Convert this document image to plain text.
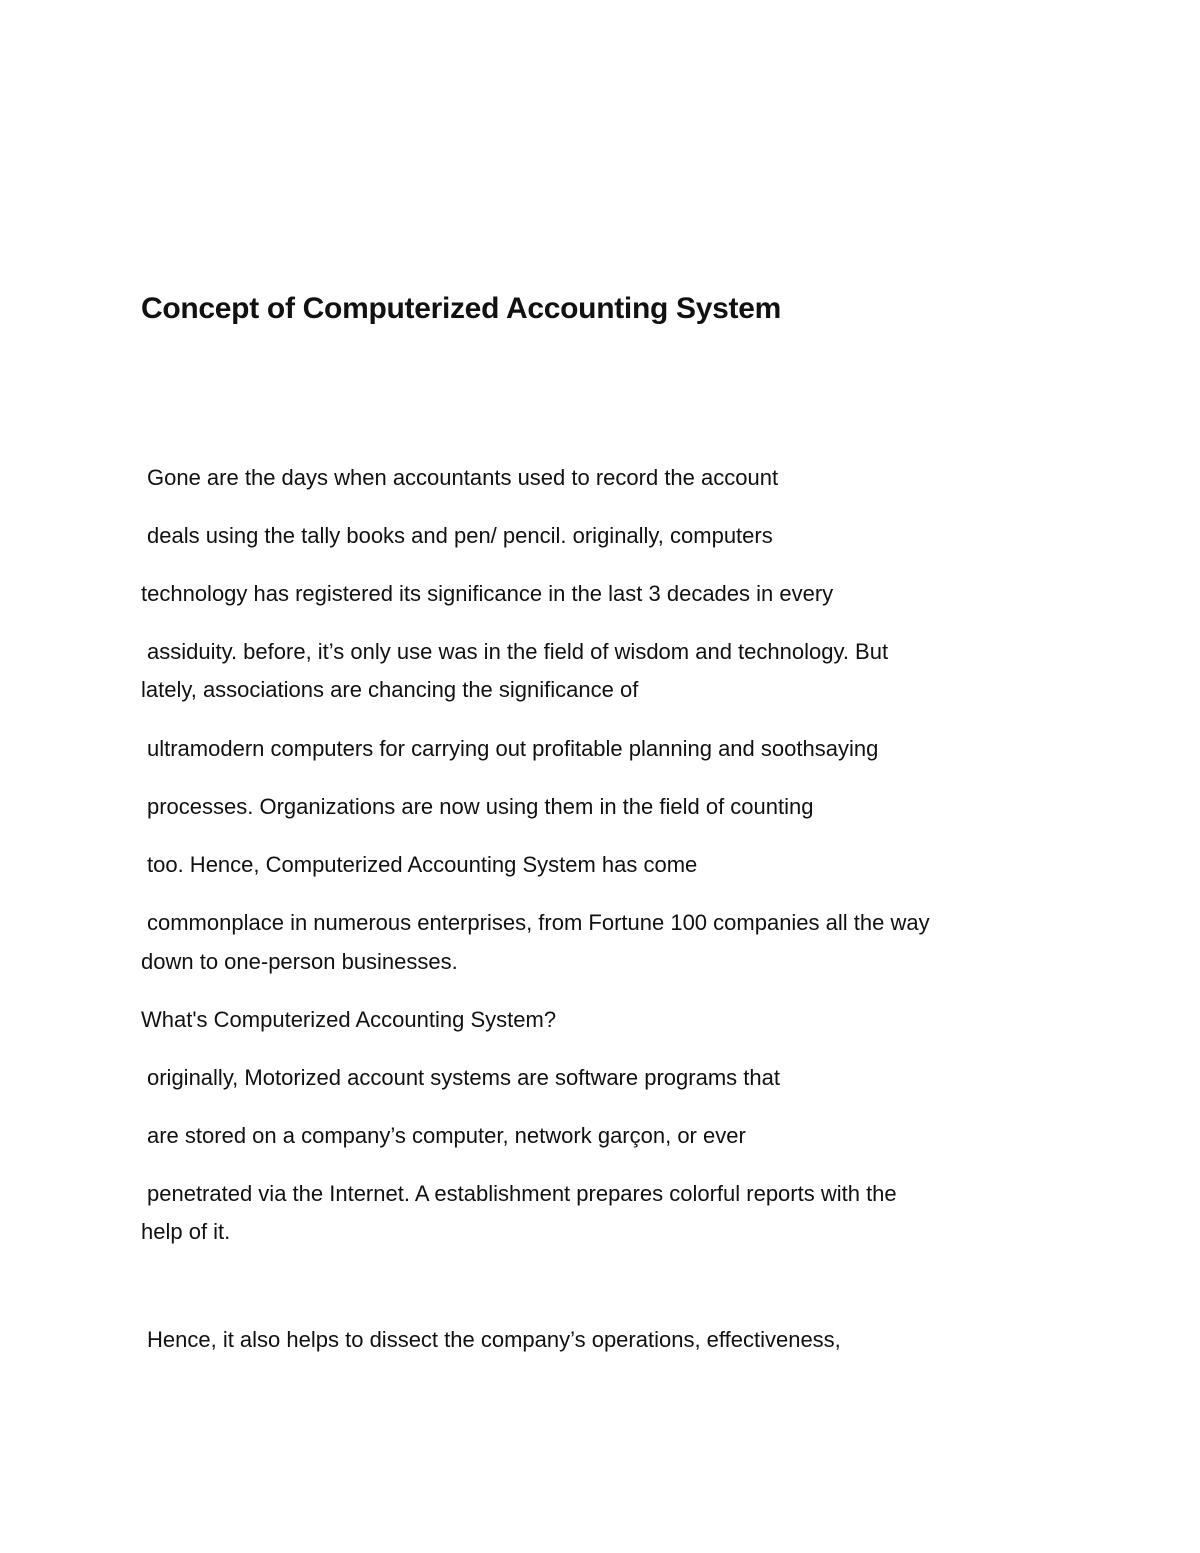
Concept of Computerized Accounting System

Gone are the days when accountants used to record the account

deals using the tally books and pen/ pencil. originally, computers

technology has registered its significance in the last 3 decades in every

assiduity. before, it’s only use was in the field of wisdom and technology. But

lately, associations are chancing the significance of

ultramodern computers for carrying out profitable planning and soothsaying

processes. Organizations are now using them in the field of counting

too. Hence, Computerized Accounting System has come

commonplace in numerous enterprises, from Fortune 100 companies all the way

down to one-person businesses.

What's Computerized Accounting System?

originally, Motorized account systems are software programs that

are stored on a company’s computer, network garçon, or ever

penetrated via the Internet. A establishment prepares colorful reports with the

help of it.

Hence, it also helps to dissect the company’s operations, effectiveness,
